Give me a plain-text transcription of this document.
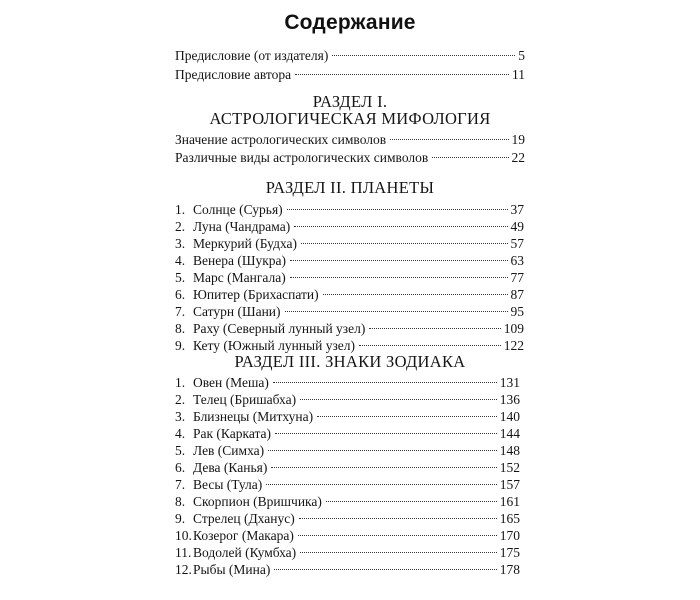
Содержание
Предисловие (от издателя)	5
Предисловие автора	11
РАЗДЕЛ I.
АСТРОЛОГИЧЕСКАЯ МИФОЛОГИЯ
Значение астрологических символов	19
Различные виды астрологических символов	22
РАЗДЕЛ II. ПЛАНЕТЫ
1. Солнце (Сурья)	37
2. Луна (Чандрама)	49
3. Меркурий (Будха)	57
4. Венера (Шукра)	63
5. Марс (Мангала)	77
6. Юпитер (Брихаспати)	87
7. Сатурн (Шани)	95
8. Раху (Северный лунный узел)	109
9. Кету (Южный лунный узел)	122
РАЗДЕЛ III. ЗНАКИ ЗОДИАКА
1. Овен (Меша)	131
2. Телец (Бришабха)	136
3. Близнецы (Митхуна)	140
4. Рак (Карката)	144
5. Лев (Симха)	148
6. Дева (Канья)	152
7. Весы (Тула)	157
8. Скорпион (Вришчика)	161
9. Стрелец (Дханус)	165
10. Козерог (Макара)	170
11. Водолей (Кумбха)	175
12. Рыбы (Мина)	178
